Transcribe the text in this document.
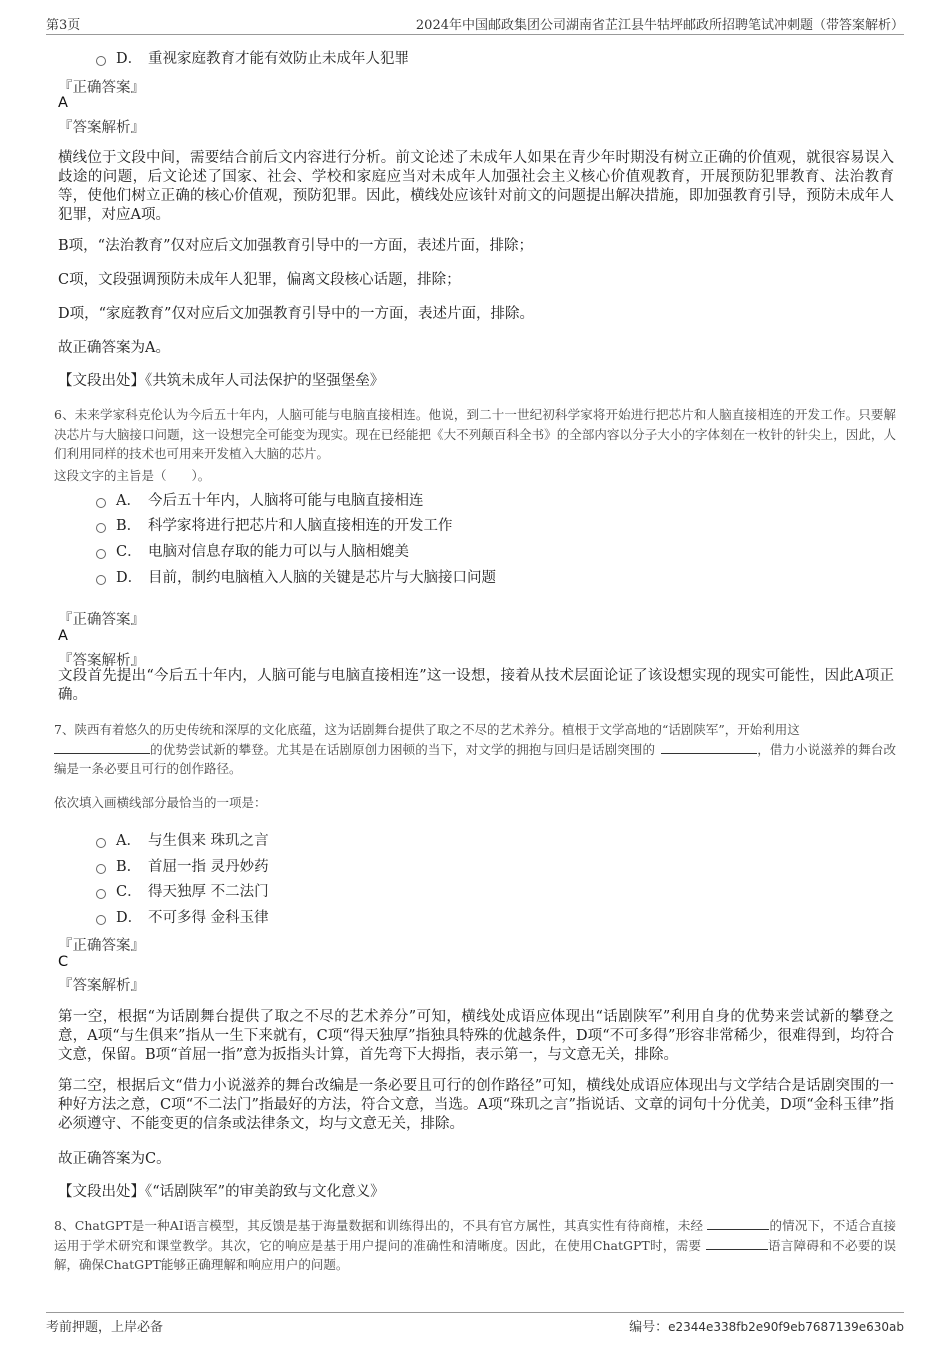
第3页	2024年中国邮政集团公司湖南省芷江县牛牯坪邮政所招聘笔试冲刺题（带答案解析）
D． 重视家庭教育才能有效防止未成年人犯罪
『正确答案』
A
『答案解析』
横线位于文段中间，需要结合前后文内容进行分析。前文论述了未成年人如果在青少年时期没有树立正确的价值观，就很容易误入歧途的问题，后文论述了国家、社会、学校和家庭应当对未成年人加强社会主义核心价值观教育，开展预防犯罪教育、法治教育等，使他们树立正确的核心价值观，预防犯罪。因此，横线处应该针对前文的问题提出解决措施，即加强教育引导，预防未成年人犯罪，对应A项。
B项，“法治教育”仅对应后文加强教育引导中的一方面，表述片面，排除；
C项，文段强调预防未成年人犯罪，偏离文段核心话题，排除；
D项，“家庭教育”仅对应后文加强教育引导中的一方面，表述片面，排除。
故正确答案为A。
【文段出处】《共筑未成年人司法保护的坚强堡垒》
6、未来学家科克伦认为今后五十年内，人脑可能与电脑直接相连。他说，到二十一世纪初科学家将开始进行把芯片和人脑直接相连的开发工作。只要解决芯片与大脑接口问题，这一设想完全可能变为现实。现在已经能把《大不列颠百科全书》的全部内容以分子大小的字体刻在一枚针的针尖上，因此，人们利用同样的技术也可用来开发植入大脑的芯片。
这段文字的主旨是（　　）。
A． 今后五十年内，人脑将可能与电脑直接相连
B． 科学家将进行把芯片和人脑直接相连的开发工作
C． 电脑对信息存取的能力可以与人脑相媲美
D． 目前，制约电脑植入人脑的关键是芯片与大脑接口问题
『正确答案』
A
『答案解析』
文段首先提出“今后五十年内，人脑可能与电脑直接相连”这一设想，接着从技术层面论证了该设想实现的现实可能性，因此A项正确。
7、陕西有着悠久的历史传统和深厚的文化底蕴，这为话剧舞台提供了取之不尽的艺术养分。植根于文学高地的“话剧陕军”，开始利用这
的优势尝试新的攀登。尤其是在话剧原创力困顿的当下，对文学的拥抱与回归是话剧突围的	，借力小说滋养的舞台改编是一条必要且可行的创作路径。
依次填入画横线部分最恰当的一项是：
A． 与生俱来 珠玑之言
B． 首屈一指 灵丹妙药
C． 得天独厚 不二法门
D． 不可多得 金科玉律
『正确答案』
C
『答案解析』
第一空，根据“为话剧舞台提供了取之不尽的艺术养分”可知，横线处成语应体现出“话剧陕军”利用自身的优势来尝试新的攀登之意，A项“与生俱来”指从一生下来就有，C项“得天独厚”指独具特殊的优越条件，D项“不可多得”形容非常稀少，很难得到，均符合文意，保留。B项“首屈一指”意为扳指头计算，首先弯下大拇指，表示第一，与文意无关，排除。
第二空，根据后文“借力小说滋养的舞台改编是一条必要且可行的创作路径”可知，横线处成语应体现出与文学结合是话剧突围的一种好方法之意，C项“不二法门”指最好的方法，符合文意，当选。A项“珠玑之言”指说话、文章的词句十分优美，D项“金科玉律”指必须遵守、不能变更的信条或法律条文，均与文意无关，排除。
故正确答案为C。
【文段出处】《“话剧陕军”的审美韵致与文化意义》
8、ChatGPT是一种AI语言模型，其反馈是基于海量数据和训练得出的，不具有官方属性，其真实性有待商榷，未经	的情况下，不适合直接运用于学术研究和课堂教学。其次，它的响应是基于用户提问的准确性和清晰度。因此，在使用ChatGPT时，需要	语言障碍和不必要的误解，确保ChatGPT能够正确理解和响应用户的问题。
考前押题，上岸必备	编号：e2344e338fb2e90f9eb7687139e630ab
